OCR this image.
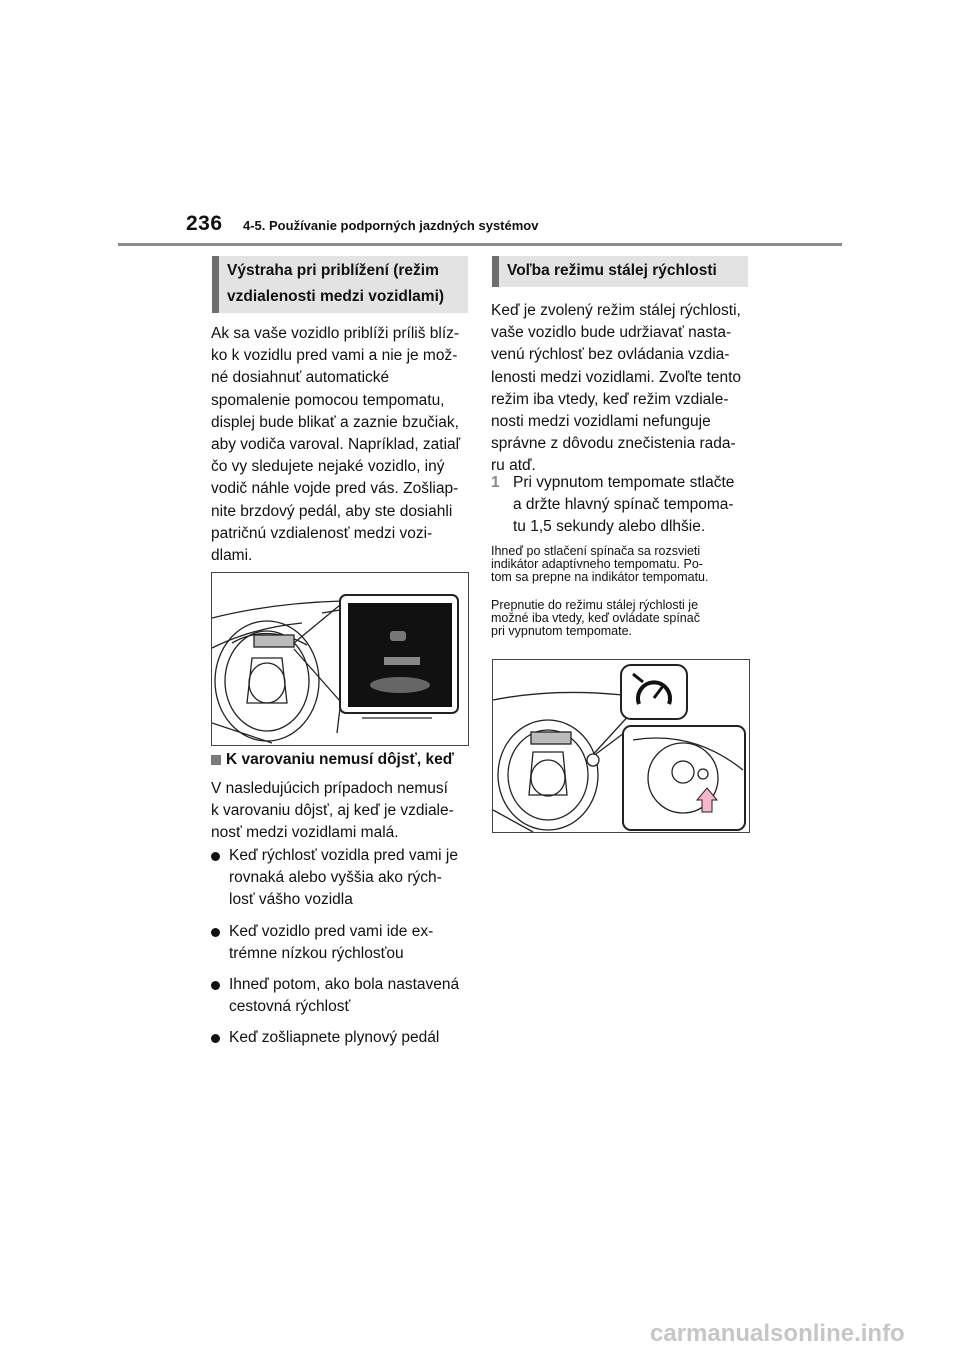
236 4-5. Používanie podporných jazdných systémov
Výstraha pri priblížení (režim vzdialenosti medzi vozidlami)
Ak sa vaše vozidlo priblíži príliš blíz-
ko k vozidlu pred vami a nie je mož-
né dosiahnuť automatické
spomalenie pomocou tempomatu,
displej bude blikať a zaznie bzučiak,
aby vodiča varoval. Napríklad, zatiaľ
čo vy sledujete nejaké vozidlo, iný
vodič náhle vojde pred vás. Zošliap-
nite brzdový pedál, aby ste dosiahli
patričnú vzdialenosť medzi vozi-
dlami.
K varovaniu nemusí dôjsť, keď
V nasledujúcich prípadoch nemusí
k varovaniu dôjsť, aj keď je vzdiale-
nosť medzi vozidlami malá.
Keď rýchlosť vozidla pred vami je
rovnaká alebo vyššia ako rých-
losť vášho vozidla
Keď vozidlo pred vami ide ex-
trémne nízkou rýchlosťou
Ihneď potom, ako bola nastavená
cestovná rýchlosť
Keď zošliapnete plynový pedál
Voľba režimu stálej rýchlosti
Keď je zvolený režim stálej rýchlosti,
vaše vozidlo bude udržiavať nasta-
venú rýchlosť bez ovládania vzdia-
lenosti medzi vozidlami. Zvoľte tento
režim iba vtedy, keď režim vzdiale-
nosti medzi vozidlami nefunguje
správne z dôvodu znečistenia rada-
ru atď.
1 Pri vypnutom tempomate stlačte
a držte hlavný spínač tempoma-
tu 1,5 sekundy alebo dlhšie.
Ihneď po stlačení spínača sa rozsvieti
indikátor adaptívneho tempomatu. Po-
tom sa prepne na indikátor tempomatu.
Prepnutie do režimu stálej rýchlosti je
možné iba vtedy, keď ovládate spínač
pri vypnutom tempomate.
carmanualsonline.info
